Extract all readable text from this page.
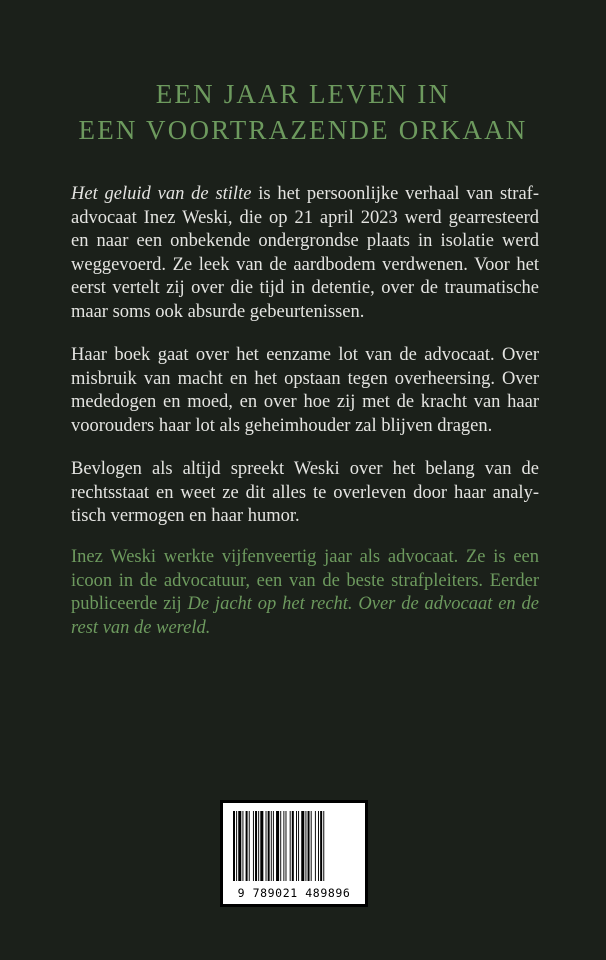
EEN JAAR LEVEN IN
EEN VOORTRAZENDE ORKAAN
Het geluid van de stilte is het persoonlijke verhaal van straf-
advocaat Inez Weski, die op 21 april 2023 werd gearresteerd
en naar een onbekende ondergrondse plaats in isolatie werd
weggevoerd. Ze leek van de aardbodem verdwenen. Voor het
eerst vertelt zij over die tijd in detentie, over de traumatische
maar soms ook absurde gebeurtenissen.
Haar boek gaat over het eenzame lot van de advocaat. Over
misbruik van macht en het opstaan tegen overheersing. Over
mededogen en moed, en over hoe zij met de kracht van haar
voorouders haar lot als geheimhouder zal blijven dragen.
Bevlogen als altijd spreekt Weski over het belang van de
rechtsstaat en weet ze dit alles te overleven door haar analy-
tisch vermogen en haar humor.
Inez Weski werkte vijfenveertig jaar als advocaat. Ze is een
icoon in de advocatuur, een van de beste strafpleiters. Eerder
publiceerde zij De jacht op het recht. Over de advocaat en de
rest van de wereld.
9 789021 489896
